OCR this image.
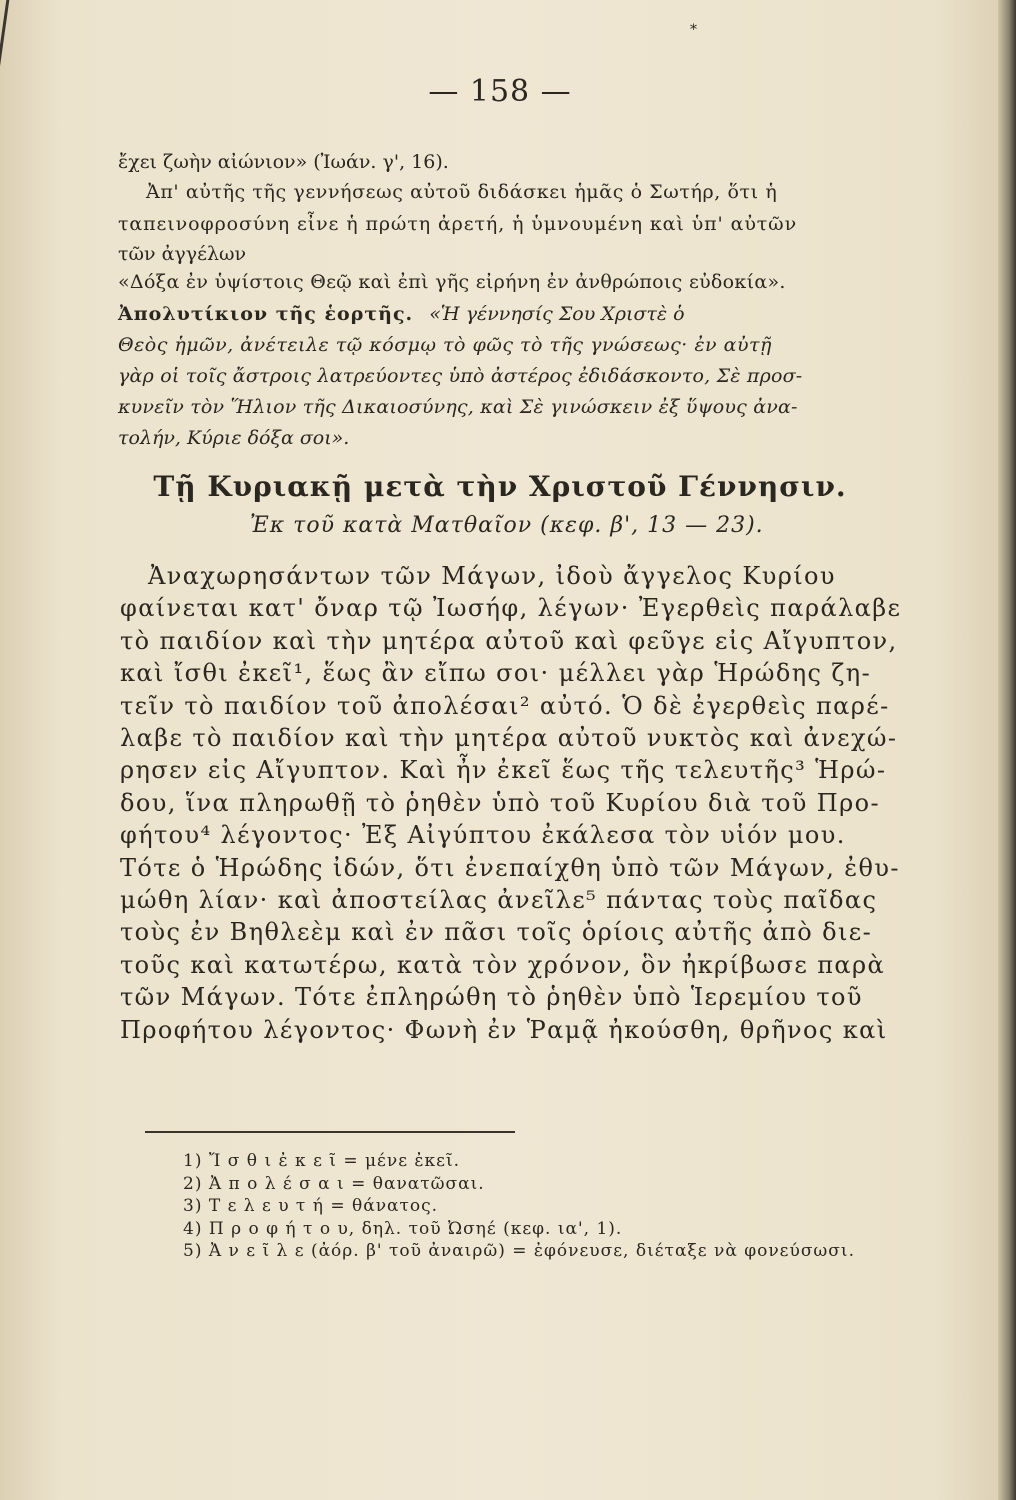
*
— 158 —
ἔχει ζωὴν αἰώνιον» (Ἰωάν. γ', 16).
Ἀπ' αὐτῆς τῆς γεννήσεως αὐτοῦ διδάσκει ἡμᾶς ὁ Σωτήρ, ὅτι ἡ
ταπεινοφροσύνη εἶνε ἡ πρώτη ἀρετή, ἡ ὑμνουμένη καὶ ὑπ' αὐτῶν
τῶν ἀγγέλων
«Δόξα ἐν ὑψίστοις Θεῷ καὶ ἐπὶ γῆς εἰρήνη ἐν ἀνθρώποις εὐδοκία».
Ἀπολυτίκιον τῆς ἑορτῆς. «Ἡ γέννησίς Σου Χριστὲ ὁ
Θεὸς ἡμῶν, ἀνέτειλε τῷ κόσμῳ τὸ φῶς τὸ τῆς γνώσεως· ἐν αὐτῇ
γὰρ οἱ τοῖς ἄστροις λατρεύοντες ὑπὸ ἀστέρος ἐδιδάσκοντο, Σὲ προσ-
κυνεῖν τὸν Ἥλιον τῆς Δικαιοσύνης, καὶ Σὲ γινώσκειν ἐξ ὕψους ἀνα-
τολήν, Κύριε δόξα σοι».
Τῇ Κυριακῇ μετὰ τὴν Χριστοῦ Γέννησιν.
Ἐκ τοῦ κατὰ Ματθαῖον (κεφ. β', 13 — 23).
Ἀναχωρησάντων τῶν Μάγων, ἰδοὺ ἄγγελος Κυρίου
φαίνεται κατ' ὄναρ τῷ Ἰωσήφ, λέγων· Ἐγερθεὶς παράλαβε
τὸ παιδίον καὶ τὴν μητέρα αὐτοῦ καὶ φεῦγε εἰς Αἴγυπτον,
καὶ ἴσθι ἐκεῖ¹, ἕως ἂν εἴπω σοι· μέλλει γὰρ Ἡρώδης ζη-
τεῖν τὸ παιδίον τοῦ ἀπολέσαι² αὐτό. Ὁ δὲ ἐγερθεὶς παρέ-
λαβε τὸ παιδίον καὶ τὴν μητέρα αὐτοῦ νυκτὸς καὶ ἀνεχώ-
ρησεν εἰς Αἴγυπτον. Καὶ ἦν ἐκεῖ ἕως τῆς τελευτῆς³ Ἡρώ-
δου, ἵνα πληρωθῇ τὸ ῥηθὲν ὑπὸ τοῦ Κυρίου διὰ τοῦ Προ-
φήτου⁴ λέγοντος· Ἐξ Αἰγύπτου ἐκάλεσα τὸν υἱόν μου.
Τότε ὁ Ἡρώδης ἰδών, ὅτι ἐνεπαίχθη ὑπὸ τῶν Μάγων, ἐθυ-
μώθη λίαν· καὶ ἀποστείλας ἀνεῖλε⁵ πάντας τοὺς παῖδας
τοὺς ἐν Βηθλεὲμ καὶ ἐν πᾶσι τοῖς ὁρίοις αὐτῆς ἀπὸ διε-
τοῦς καὶ κατωτέρω, κατὰ τὸν χρόνον, ὃν ἠκρίβωσε παρὰ
τῶν Μάγων. Τότε ἐπληρώθη τὸ ῥηθὲν ὑπὸ Ἱερεμίου τοῦ
Προφήτου λέγοντος· Φωνὴ ἐν Ῥαμᾷ ἠκούσθη, θρῆνος καὶ
1) Ἴ σ θ ι ἐ κ ε ῖ = μένε ἐκεῖ.
2) Ἀ π ο λ έ σ α ι = θανατῶσαι.
3) Τ ε λ ε υ τ ή = θάνατος.
4) Π ρ ο φ ή τ ο υ, δηλ. τοῦ Ὠσηέ (κεφ. ια', 1).
5) Ἀ ν ε ῖ λ ε (ἀόρ. β' τοῦ ἀναιρῶ) = ἐφόνευσε, διέταξε νὰ φονεύσωσι.
